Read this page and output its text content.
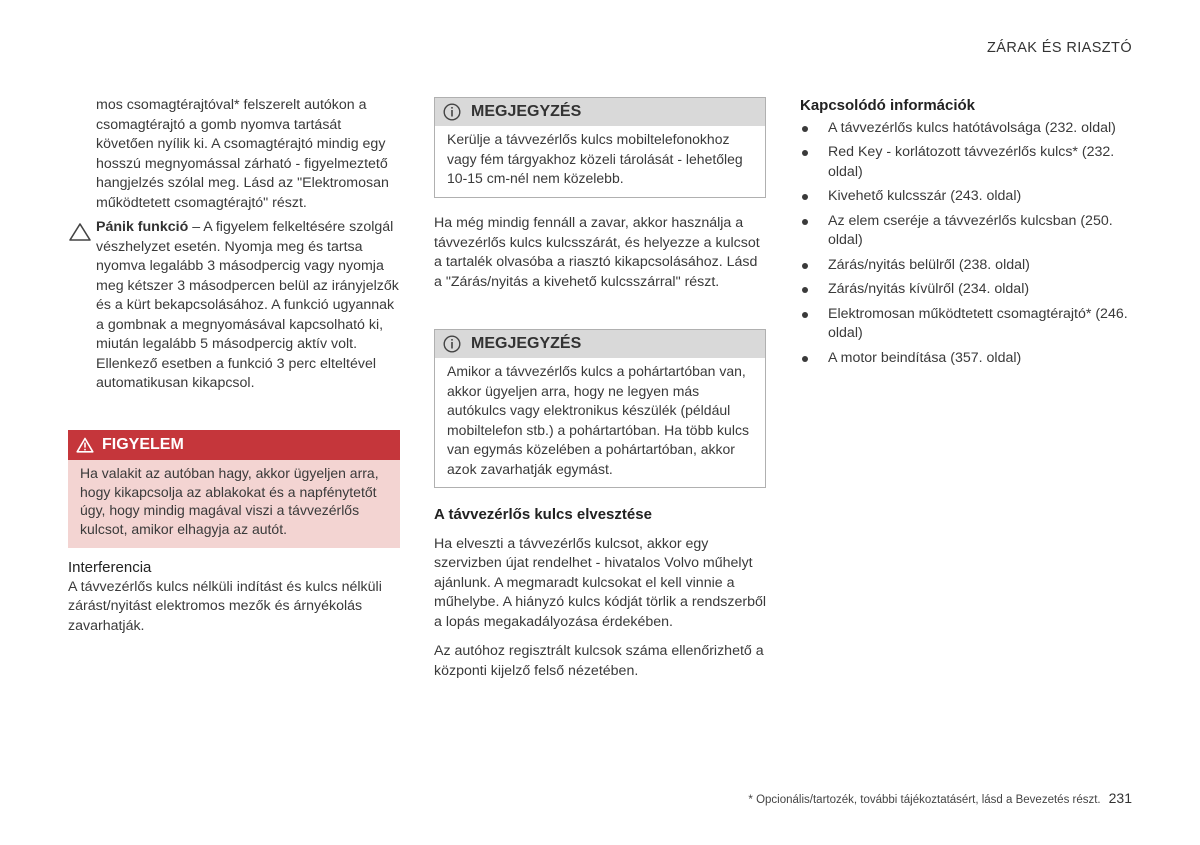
ZÁRAK ÉS RIASZTÓ

mos csomagtérajtóval* felszerelt autókon a csomagtérajtó a gomb nyomva tartását követően nyílik ki. A csomagtérajtó mindig egy hosszú megnyomással zárható - figyelmeztető hangjelzés szólal meg. Lásd az "Elektromosan működtetett csomagtérajtó" részt.

Pánik funkció – A figyelem felkeltésére szolgál vészhelyzet esetén. Nyomja meg és tartsa nyomva legalább 3 másodpercig vagy nyomja meg kétszer 3 másodpercen belül az irányjelzők és a kürt bekapcsolásához. A funkció ugyannak a gombnak a megnyomásával kapcsolható ki, miután legalább 5 másodpercig aktív volt. Ellenkező esetben a funkció 3 perc elteltével automatikusan kikapcsol.

FIGYELEM
Ha valakit az autóban hagy, akkor ügyeljen arra, hogy kikapcsolja az ablakokat és a napfénytetőt úgy, hogy mindig magával viszi a távvezérlős kulcsot, amikor elhagyja az autót.

Interferencia

A távvezérlős kulcs nélküli indítást és kulcs nélküli zárást/nyitást elektromos mezők és árnyékolás zavarhatják.

MEGJEGYZÉS
Kerülje a távvezérlős kulcs mobiltelefonokhoz vagy fém tárgyakhoz közeli tárolását - lehetőleg 10-15 cm-nél nem közelebb.

Ha még mindig fennáll a zavar, akkor használja a távvezérlős kulcs kulcsszárát, és helyezze a kulcsot a tartalék olvasóba a riasztó kikapcsolásához. Lásd a "Zárás/nyitás a kivehető kulcsszárral" részt.

MEGJEGYZÉS
Amikor a távvezérlős kulcs a pohártartóban van, akkor ügyeljen arra, hogy ne legyen más autókulcs vagy elektronikus készülék (például mobiltelefon stb.) a pohártartóban. Ha több kulcs van egymás közelében a pohártartóban, akkor azok zavarhatják egymást.

A távvezérlős kulcs elvesztése

Ha elveszti a távvezérlős kulcsot, akkor egy szervizben újat rendelhet - hivatalos Volvo műhelyt ajánlunk. A megmaradt kulcsokat el kell vinnie a műhelybe. A hiányzó kulcs kódját törlik a rendszerből a lopás megakadályozása érdekében.

Az autóhoz regisztrált kulcsok száma ellenőrizhető a központi kijelző felső nézetében.

Kapcsolódó információk

A távvezérlős kulcs hatótávolsága (232. oldal)
Red Key - korlátozott távvezérlős kulcs* (232. oldal)
Kivehető kulcsszár (243. oldal)
Az elem cseréje a távvezérlős kulcsban (250. oldal)
Zárás/nyitás belülről (238. oldal)
Zárás/nyitás kívülről (234. oldal)
Elektromosan működtetett csomagtérajtó* (246. oldal)
A motor beindítása (357. oldal)
* Opcionális/tartozék, további tájékoztatásért, lásd a Bevezetés részt. 231
